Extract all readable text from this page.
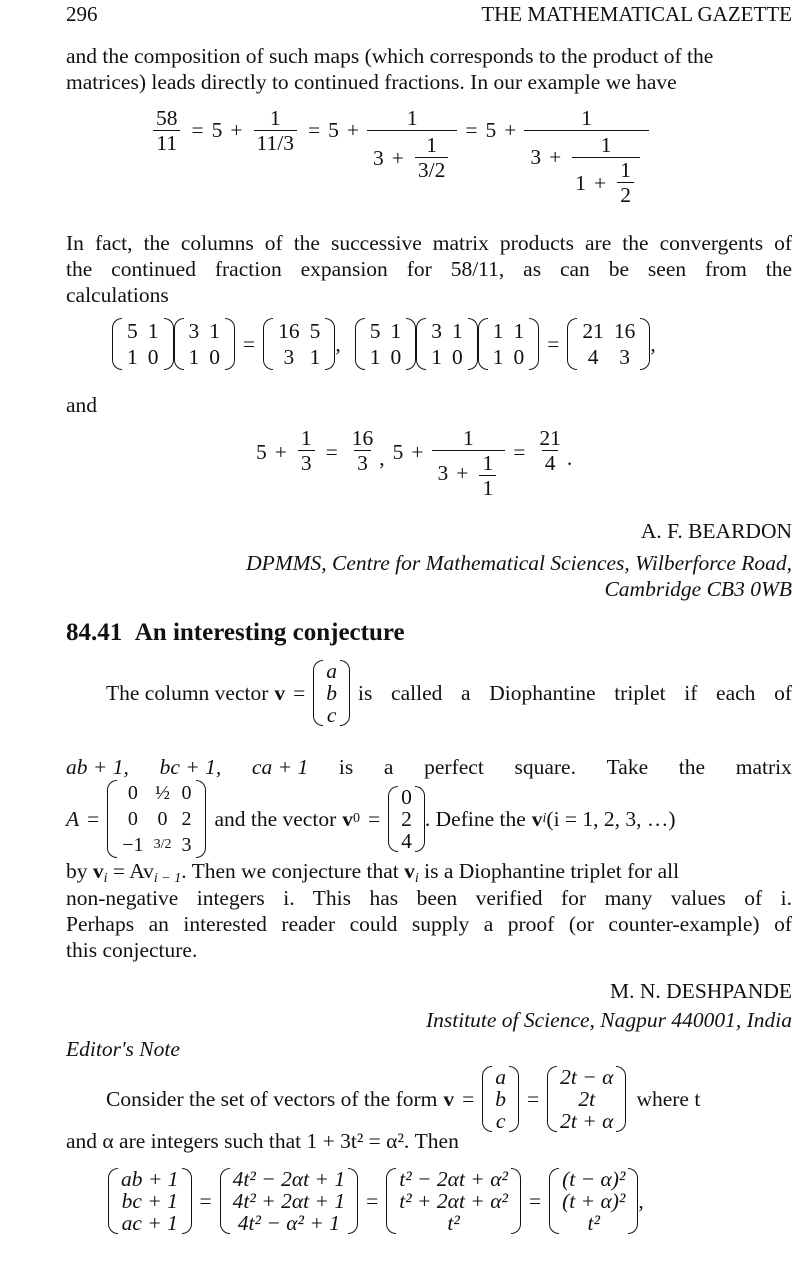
296	THE MATHEMATICAL GAZETTE
and the composition of such maps (which corresponds to the product of the
matrices) leads directly to continued fractions. In our example we have
$\frac{58}{11} = 5 + \frac{1}{11/3} = 5 + \frac{1}{3 + \frac{1}{3/2}} = 5 + \frac{1}{3 + \frac{1}{1 + \frac{1}{2}}}$
In fact, the columns of the successive matrix products are the convergents of
the continued fraction expansion for 58/11, as can be seen from the
calculations
5	1
1	0
3	1
1	0
=
16	5
3	1
,
5	1
1	0
3	1
1	0
1	1
1	0
=
21	16
4	3
,
and
$5 + \frac{1}{3} = \frac{16}{3}$ , $5 + \frac{1}{3 + \frac{1}{1}} = \frac{21}{4}$ .
A. F. BEARDON
DPMMS, Centre for Mathematical Sciences, Wilberforce Road,
Cambridge CB3 0WB
84.41 An interesting conjecture
The column vector v =
a
b
c
is called a Diophantine triplet if each of
ab + 1, bc + 1, ca + 1 is a perfect square. Take the matrix
A =
0	½	0
0	0	2
−1	3/2	3
and the vector v 0 =
0
2
4
. Define the v i (i = 1, 2, 3, …)
by $v_i = Av_{i - 1}$. Then we conjecture that $v_i$ is a Diophantine triplet for all
non-negative integers i. This has been verified for many values of i.
Perhaps an interested reader could supply a proof (or counter-example) of
this conjecture.
M. N. DESHPANDE
Institute of Science, Nagpur 440001, India
Editor's Note
Consider the set of vectors of the form v =
a
b
c
=
2t − α
2t
2t + α
where t
and α are integers such that 1 + 3t² = α². Then
ab + 1
bc + 1
ac + 1
=
4t² − 2αt + 1
4t² + 2αt + 1
4t² − α² + 1
=
t² − 2αt + α²
t² + 2αt + α²
t²
=
(t − α)²
(t + α)²
t²
,
